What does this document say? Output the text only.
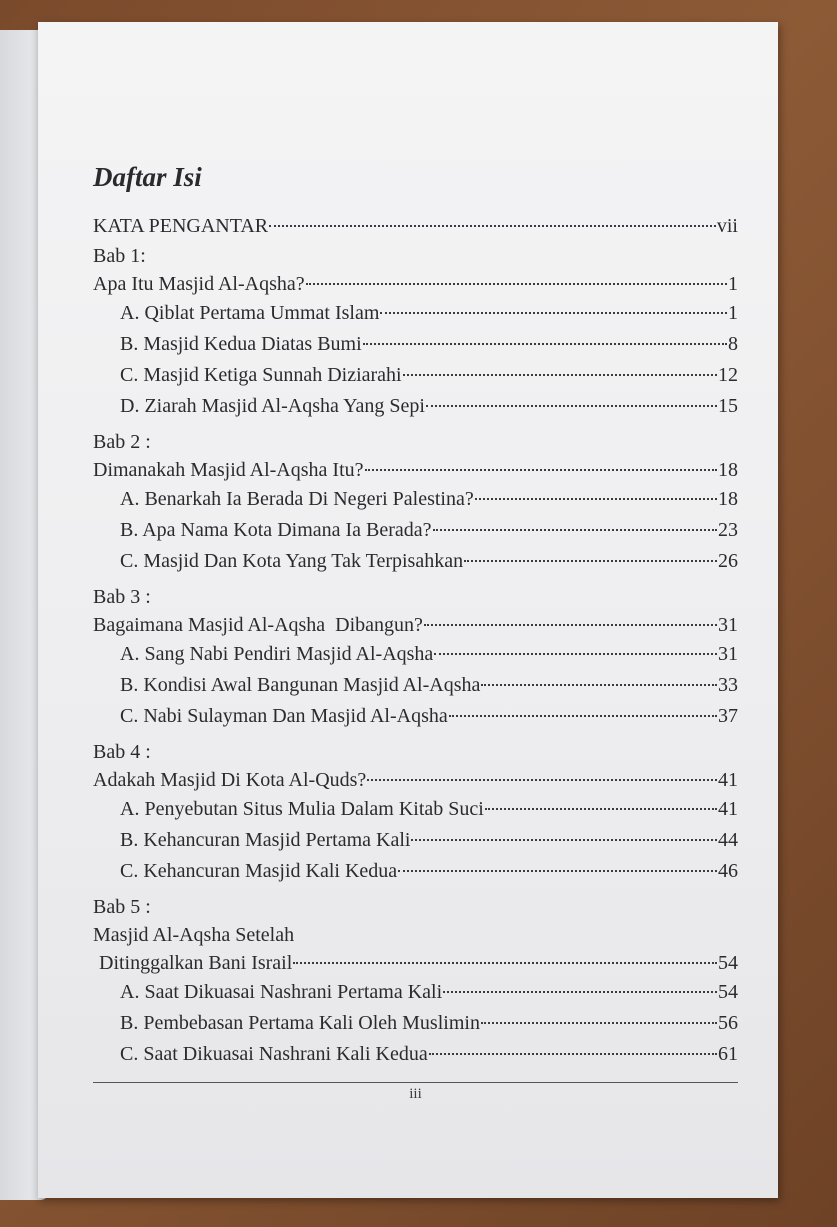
Daftar Isi
KATA PENGANTAR	vii
Bab 1:
Apa Itu Masjid Al-Aqsha?	1
A. Qiblat Pertama Ummat Islam	1
B. Masjid Kedua Diatas Bumi	8
C. Masjid Ketiga Sunnah Diziarahi	12
D. Ziarah Masjid Al-Aqsha Yang Sepi	15
Bab 2 :
Dimanakah Masjid Al-Aqsha Itu?	18
A. Benarkah Ia Berada Di Negeri Palestina?	18
B. Apa Nama Kota Dimana Ia Berada?	23
C. Masjid Dan Kota Yang Tak Terpisahkan	26
Bab 3 :
Bagaimana Masjid Al-Aqsha  Dibangun?	31
A. Sang Nabi Pendiri Masjid Al-Aqsha	31
B. Kondisi Awal Bangunan Masjid Al-Aqsha	33
C. Nabi Sulayman Dan Masjid Al-Aqsha	37
Bab 4 :
Adakah Masjid Di Kota Al-Quds?	41
A. Penyebutan Situs Mulia Dalam Kitab Suci	41
B. Kehancuran Masjid Pertama Kali	44
C. Kehancuran Masjid Kali Kedua	46
Bab 5 :
Masjid Al-Aqsha Setelah
Ditinggalkan Bani Israil	54
A. Saat Dikuasai Nashrani Pertama Kali	54
B. Pembebasan Pertama Kali Oleh Muslimin	56
C. Saat Dikuasai Nashrani Kali Kedua	61
iii
